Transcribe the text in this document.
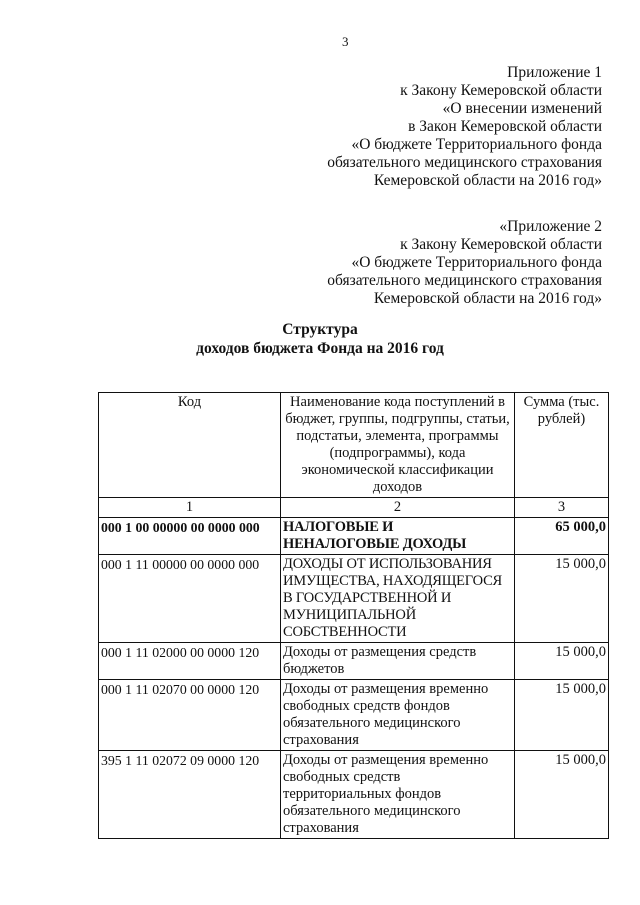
3
Приложение 1
к Закону Кемеровской области
«О внесении изменений
в Закон Кемеровской области
«О бюджете Территориального фонда
обязательного медицинского страхования
Кемеровской области на 2016 год»
«Приложение 2
к Закону Кемеровской области
«О бюджете Территориального фонда
обязательного медицинского страхования
Кемеровской области на 2016 год»
Структура
доходов бюджета Фонда на 2016 год
Код	Наименование кода поступлений в бюджет, группы, подгруппы, статьи, подстатьи, элемента, программы (подпрограммы), кода экономической классификации доходов	Сумма (тыс. рублей)
1	2	3
000 1 00 00000 00 0000 000	НАЛОГОВЫЕ И НЕНАЛОГОВЫЕ ДОХОДЫ	65 000,0
000 1 11 00000 00 0000 000	ДОХОДЫ ОТ ИСПОЛЬЗОВАНИЯ ИМУЩЕСТВА, НАХОДЯЩЕГОСЯ В ГОСУДАРСТВЕННОЙ И МУНИЦИПАЛЬНОЙ СОБСТВЕННОСТИ	15 000,0
000 1 11 02000 00 0000 120	Доходы от размещения средств бюджетов	15 000,0
000 1 11 02070 00 0000 120	Доходы от размещения временно свободных средств фондов обязательного медицинского страхования	15 000,0
395 1 11 02072 09 0000 120	Доходы от размещения временно свободных средств территориальных фондов обязательного медицинского страхования	15 000,0
